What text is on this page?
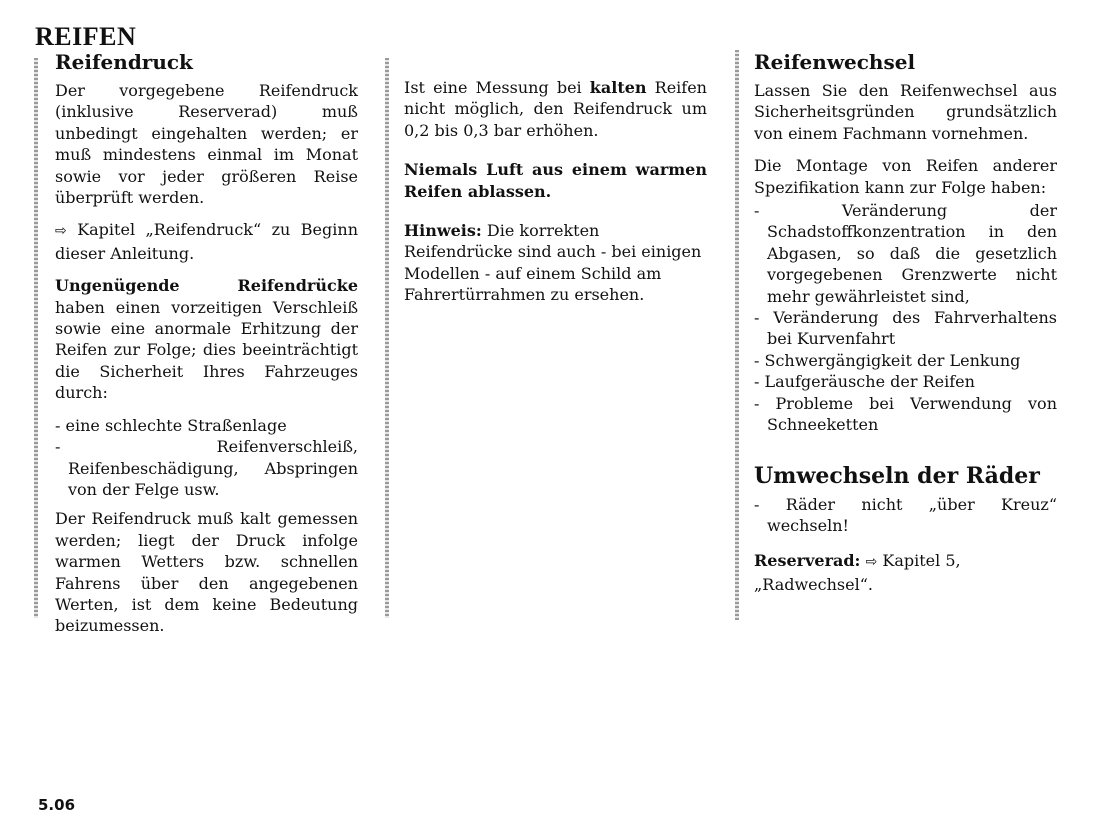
REIFEN
Reifendruck

Der vorgegebene Reifendruck (inklusive Reserverad) muß unbedingt eingehalten werden; er muß mindestens einmal im Monat sowie vor jeder größeren Reise überprüft werden.

⇨ Kapitel „Reifendruck“ zu Beginn dieser Anleitung.

Ungenügende Reifendrücke haben einen vorzeitigen Verschleiß sowie eine anormale Erhitzung der Reifen zur Folge; dies beeinträchtigt die Sicherheit Ihres Fahrzeuges durch:

- eine schlechte Straßenlage
- Reifenverschleiß, Reifenbeschädigung, Abspringen von der Felge usw.

Der Reifendruck muß kalt gemessen werden; liegt der Druck infolge warmen Wetters bzw. schnellen Fahrens über den angegebenen Werten, ist dem keine Bedeutung beizumessen.

Ist eine Messung bei kalten Reifen nicht möglich, den Reifendruck um 0,2 bis 0,3 bar erhöhen.

Niemals Luft aus einem warmen Reifen ablassen.

Hinweis: Die korrekten Reifendrücke sind auch - bei einigen Modellen - auf einem Schild am Fahrertürrahmen zu ersehen.

Reifenwechsel

Lassen Sie den Reifenwechsel aus Sicherheitsgründen grundsätzlich von einem Fachmann vornehmen.

Die Montage von Reifen anderer Spezifikation kann zur Folge haben:

- Veränderung der Schadstoffkonzentration in den Abgasen, so daß die gesetzlich vorgegebenen Grenzwerte nicht mehr gewährleistet sind,
- Veränderung des Fahrverhaltens bei Kurvenfahrt
- Schwergängigkeit der Lenkung
- Laufgeräusche der Reifen
- Probleme bei Verwendung von Schneeketten
Umwechseln der Räder
- Räder nicht „über Kreuz“ wechseln!

Reserverad: ⇨ Kapitel 5, „Radwechsel“.

5.06
